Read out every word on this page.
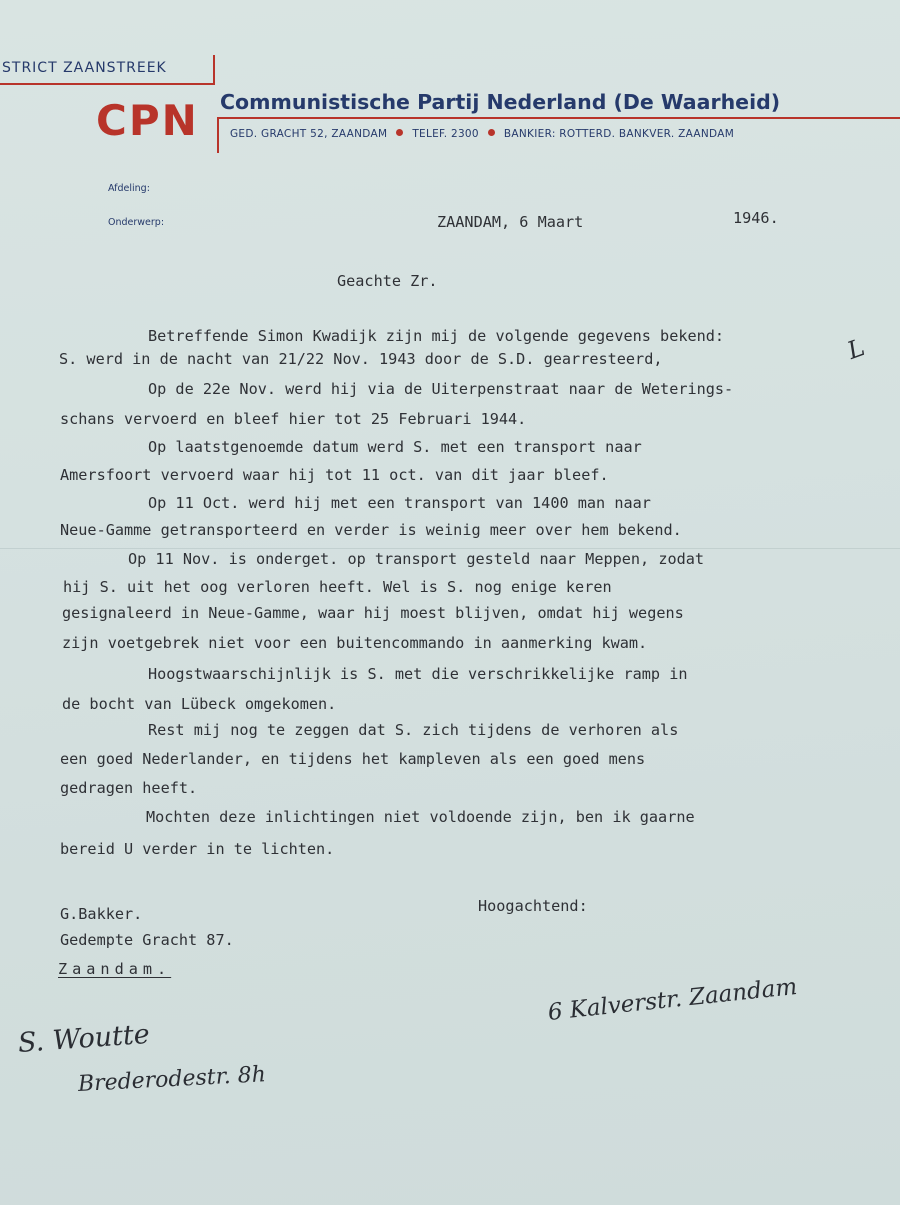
STRICT ZAANSTREEK
CPN Communistische Partij Nederland (De Waarheid)
GED. GRACHT 52, ZAANDAM TELEF. 2300 BANKIER: ROTTERD. BANKVER. ZAANDAM
Afdeling:
Onderwerp:	ZAANDAM, 6 Maart	1946.
Geachte Zr.
Betreffende Simon Kwadijk zijn mij de volgende gegevens bekend:
S. werd in de nacht van 21/22 Nov. 1943 door de S.D. gearresteerd,
Op de 22e Nov. werd hij via de Uiterpenstraat naar de Weterings-
schans vervoerd en bleef hier tot 25 Februari 1944.
Op laatstgenoemde datum werd S. met een transport naar
Amersfoort vervoerd waar hij tot 11 oct. van dit jaar bleef.
Op 11 Oct. werd hij met een transport van 1400 man naar
Neue-Gamme getransporteerd en verder is weinig meer over hem bekend.
Op 11 Nov. is onderget. op transport gesteld naar Meppen, zodat
hij S. uit het oog verloren heeft. Wel is S. nog enige keren
gesignaleerd in Neue-Gamme, waar hij moest blijven, omdat hij wegens
zijn voetgebrek niet voor een buitencommando in aanmerking kwam.
Hoogstwaarschijnlijk is S. met die verschrikkelijke ramp in
de bocht van Lübeck omgekomen.
Rest mij nog te zeggen dat S. zich tijdens de verhoren als
een goed Nederlander, en tijdens het kampleven als een goed mens
gedragen heeft.
Mochten deze inlichtingen niet voldoende zijn, ben ik gaarne
bereid U verder in te lichten.
Hoogachtend:
G.Bakker.
Gedempte Gracht 87.
Zaandam.
L
6 Kalverstr. Zaandam
S. Woutte
Brederodestr. 8h
